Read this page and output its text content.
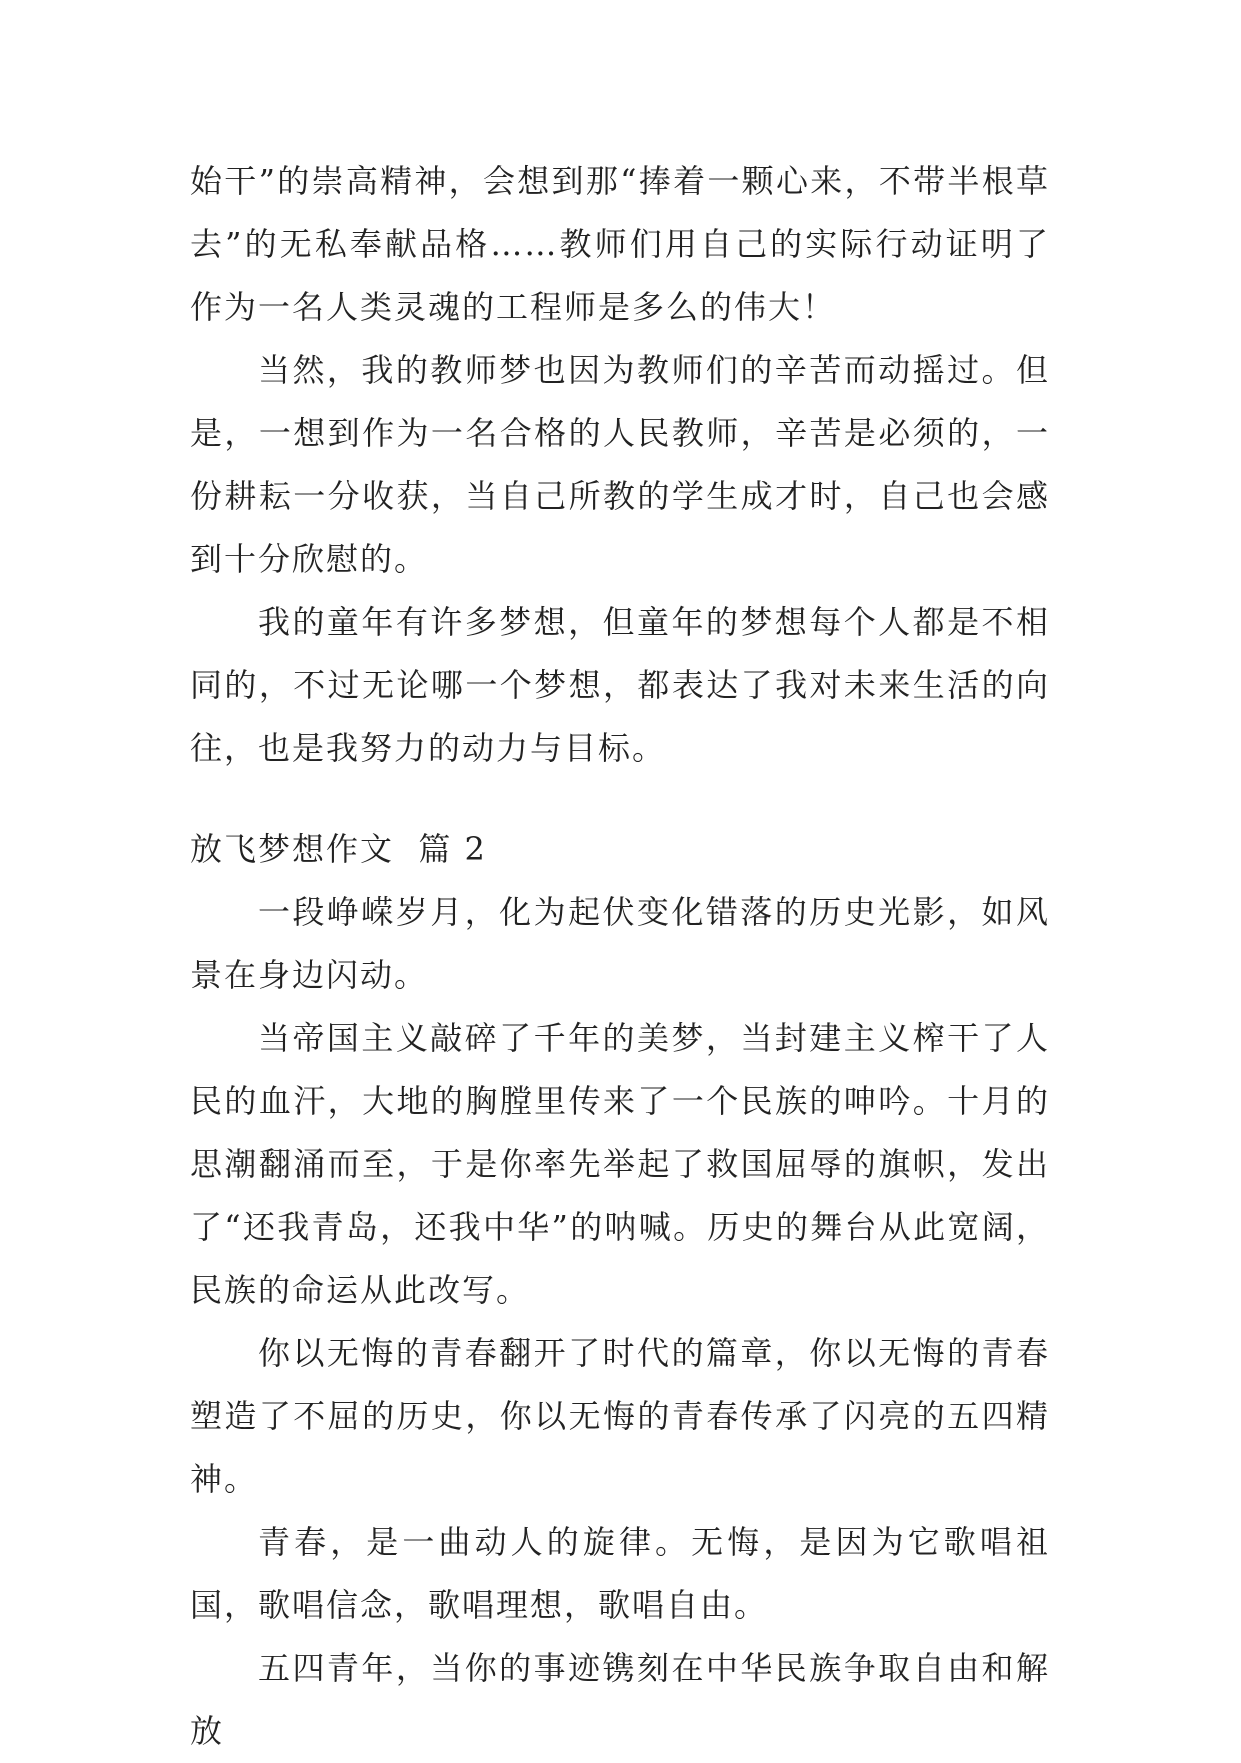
始干”的崇高精神，会想到那“捧着一颗心来，不带半根草去”的无私奉献品格……教师们用自己的实际行动证明了作为一名人类灵魂的工程师是多么的伟大！

当然，我的教师梦也因为教师们的辛苦而动摇过。但是，一想到作为一名合格的人民教师，辛苦是必须的，一份耕耘一分收获，当自己所教的学生成才时，自己也会感到十分欣慰的。

我的童年有许多梦想，但童年的梦想每个人都是不相同的，不过无论哪一个梦想，都表达了我对未来生活的向往，也是我努力的动力与目标。

放飞梦想作文  篇 2

一段峥嵘岁月，化为起伏变化错落的历史光影，如风景在身边闪动。

当帝国主义敲碎了千年的美梦，当封建主义榨干了人民的血汗，大地的胸膛里传来了一个民族的呻吟。十月的思潮翻涌而至，于是你率先举起了救国屈辱的旗帜，发出了“还我青岛，还我中华”的呐喊。历史的舞台从此宽阔，民族的命运从此改写。

你以无悔的青春翻开了时代的篇章，你以无悔的青春塑造了不屈的历史，你以无悔的青春传承了闪亮的五四精神。

青春，是一曲动人的旋律。无悔，是因为它歌唱祖国，歌唱信念，歌唱理想，歌唱自由。

五四青年，当你的事迹镌刻在中华民族争取自由和解放
